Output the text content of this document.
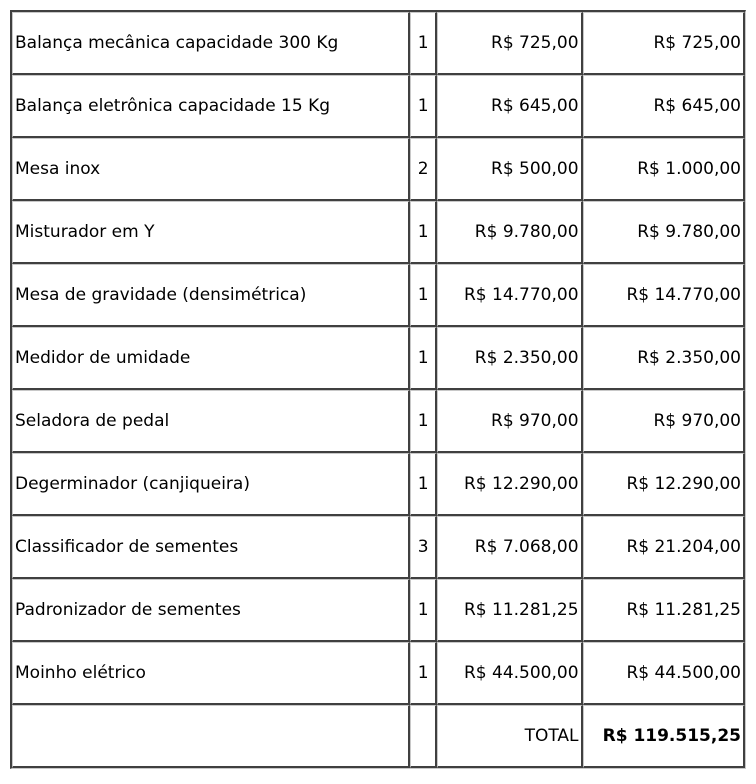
Balança mecânica capacidade 300 Kg	1	R$ 725,00	R$ 725,00
Balança eletrônica capacidade 15 Kg	1	R$ 645,00	R$ 645,00
Mesa inox	2	R$ 500,00	R$ 1.000,00
Misturador em Y	1	R$ 9.780,00	R$ 9.780,00
Mesa de gravidade (densimétrica)	1	R$ 14.770,00	R$ 14.770,00
Medidor de umidade	1	R$ 2.350,00	R$ 2.350,00
Seladora de pedal	1	R$ 970,00	R$ 970,00
Degerminador (canjiqueira)	1	R$ 12.290,00	R$ 12.290,00
Classificador de sementes	3	R$ 7.068,00	R$ 21.204,00
Padronizador de sementes	1	R$ 11.281,25	R$ 11.281,25
Moinho elétrico	1	R$ 44.500,00	R$ 44.500,00
		TOTAL	R$ 119.515,25
